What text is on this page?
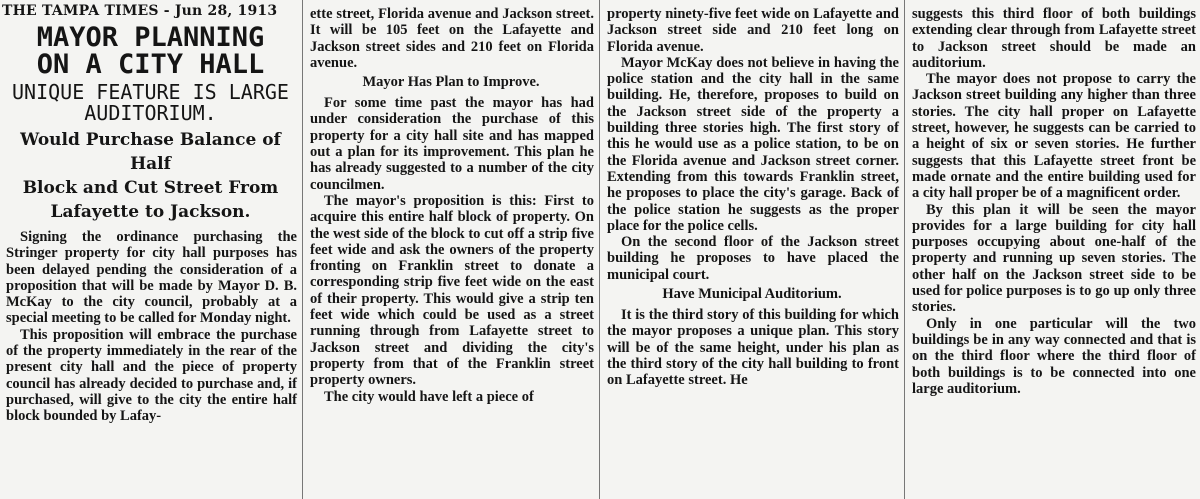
THE TAMPA TIMES - Jun 28, 1913
MAYOR PLANNING
ON A CITY HALL
UNIQUE FEATURE IS LARGE
AUDITORIUM.
Would Purchase Balance of Half
Block and Cut Street From
Lafayette to Jackson.

Signing the ordinance purchasing the Stringer property for city hall purposes has been delayed pending the consideration of a proposition that will be made by Mayor D. B. McKay to the city council, probably at a special meeting to be called for Monday night.

This proposition will embrace the purchase of the property immediately in the rear of the present city hall and the piece of property council has already decided to purchase and, if purchased, will give to the city the entire half block bounded by Lafay-

ette street, Florida avenue and Jackson street. It will be 105 feet on the Lafayette and Jackson street sides and 210 feet on Florida avenue.

Mayor Has Plan to Improve.

For some time past the mayor has had under consideration the purchase of this property for a city hall site and has mapped out a plan for its improvement. This plan he has already suggested to a number of the city councilmen.

The mayor's proposition is this: First to acquire this entire half block of property. On the west side of the block to cut off a strip five feet wide and ask the owners of the property fronting on Franklin street to donate a corresponding strip five feet wide on the east of their property. This would give a strip ten feet wide which could be used as a street running through from Lafayette street to Jackson street and dividing the city's property from that of the Franklin street property owners.

The city would have left a piece of

property ninety-five feet wide on Lafayette and Jackson street side and 210 feet long on Florida avenue.

Mayor McKay does not believe in having the police station and the city hall in the same building. He, therefore, proposes to build on the Jackson street side of the property a building three stories high. The first story of this he would use as a police station, to be on the Florida avenue and Jackson street corner. Extending from this towards Franklin street, he proposes to place the city's garage. Back of the police station he suggests as the proper place for the police cells.

On the second floor of the Jackson street building he proposes to have placed the municipal court.

Have Municipal Auditorium.

It is the third story of this building for which the mayor proposes a unique plan. This story will be of the same height, under his plan as the third story of the city hall building to front on Lafayette street. He

suggests this third floor of both buildings extending clear through from Lafayette street to Jackson street should be made an auditorium.

The mayor does not propose to carry the Jackson street building any higher than three stories. The city hall proper on Lafayette street, however, he suggests can be carried to a height of six or seven stories. He further suggests that this Lafayette street front be made ornate and the entire building used for a city hall proper be of a magnificent order.

By this plan it will be seen the mayor provides for a large building for city hall purposes occupying about one-half of the property and running up seven stories. The other half on the Jackson street side to be used for police purposes is to go up only three stories.

Only in one particular will the two buildings be in any way connected and that is on the third floor where the third floor of both buildings is to be connected into one large auditorium.
